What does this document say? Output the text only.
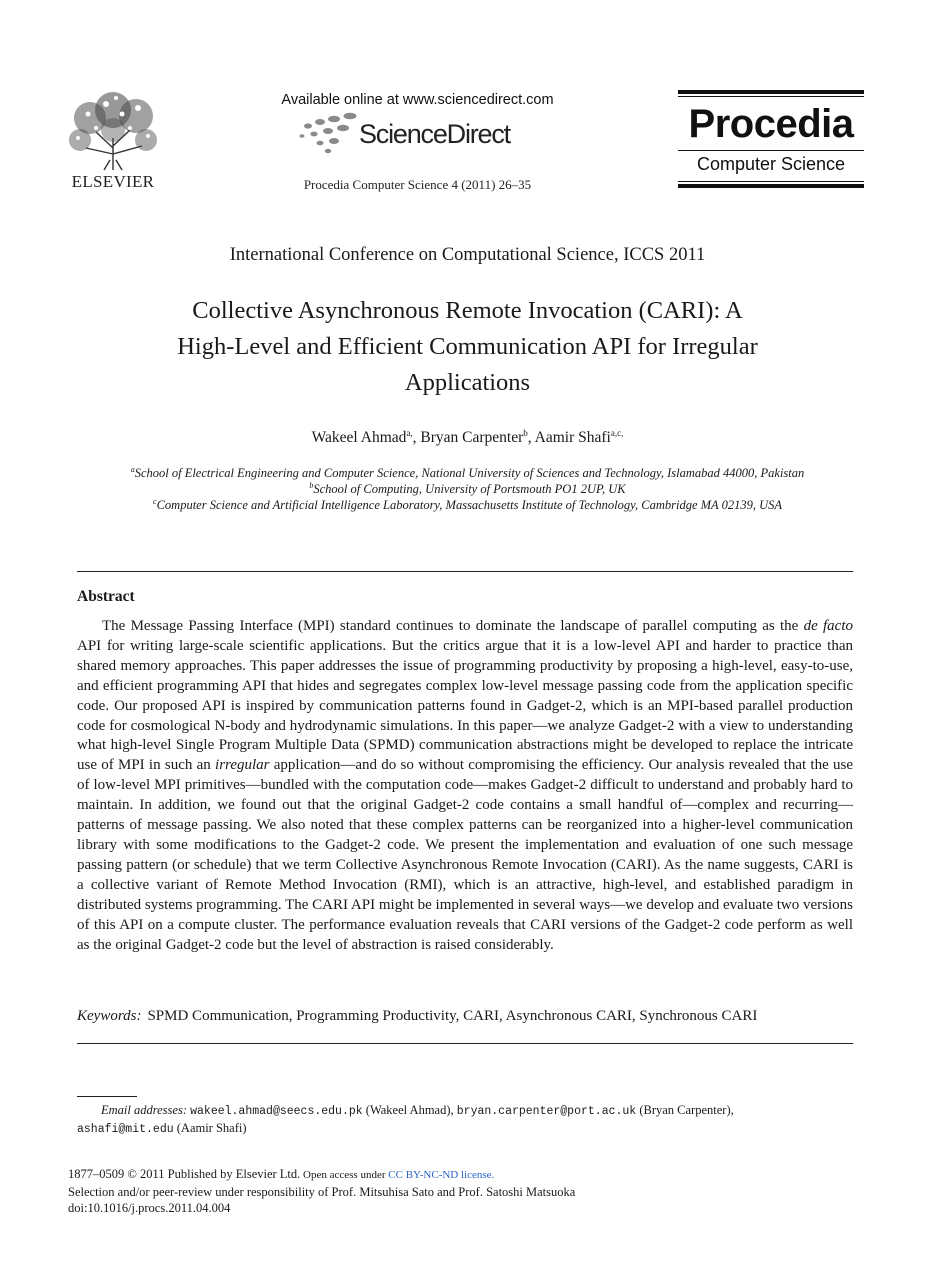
ELSEVIER
Available online at www.sciencedirect.com
ScienceDirect
Procedia Computer Science 4 (2011) 26–35
Procedia
Computer Science
International Conference on Computational Science, ICCS 2011
Collective Asynchronous Remote Invocation (CARI): A
High-Level and Efficient Communication API for Irregular
Applications
Wakeel Ahmad$^{a,}$, Bryan Carpenter$^b$, Aamir Shafi$^{a,c,}$
$^a$School of Electrical Engineering and Computer Science, National University of Sciences and Technology, Islamabad 44000, Pakistan
$^b$School of Computing, University of Portsmouth PO1 2UP, UK
$^c$Computer Science and Artificial Intelligence Laboratory, Massachusetts Institute of Technology, Cambridge MA 02139, USA
Abstract
The Message Passing Interface (MPI) standard continues to dominate the landscape of parallel computing as the de facto API for writing large-scale scientific applications. But the critics argue that it is a low-level API and harder to practice than shared memory approaches. This paper addresses the issue of programming productivity by proposing a high-level, easy-to-use, and efficient programming API that hides and segregates complex low-level message passing code from the application specific code. Our proposed API is inspired by communication patterns found in Gadget-2, which is an MPI-based parallel production code for cosmological N-body and hydrodynamic simulations. In this paper—we analyze Gadget-2 with a view to understanding what high-level Single Program Multiple Data (SPMD) communication abstractions might be developed to replace the intricate use of MPI in such an irregular application—and do so without compromising the efficiency. Our analysis revealed that the use of low-level MPI primitives—bundled with the computation code—makes Gadget-2 difficult to understand and probably hard to maintain. In addition, we found out that the original Gadget-2 code contains a small handful of—complex and recurring—patterns of message passing. We also noted that these complex patterns can be reorganized into a higher-level communication library with some modifications to the Gadget-2 code. We present the implementation and evaluation of one such message passing pattern (or schedule) that we term Collective Asynchronous Remote Invocation (CARI). As the name suggests, CARI is a collective variant of Remote Method Invocation (RMI), which is an attractive, high-level, and established paradigm in distributed systems programming. The CARI API might be implemented in several ways—we develop and evaluate two versions of this API on a compute cluster. The performance evaluation reveals that CARI versions of the Gadget-2 code perform as well as the original Gadget-2 code but the level of abstraction is raised considerably.
Keywords: SPMD Communication, Programming Productivity, CARI, Asynchronous CARI, Synchronous CARI
Email addresses: wakeel.ahmad@seecs.edu.pk (Wakeel Ahmad), bryan.carpenter@port.ac.uk (Bryan Carpenter),
ashafi@mit.edu (Aamir Shafi)
1877–0509 © 2011 Published by Elsevier Ltd. Open access under CC BY-NC-ND license.
Selection and/or peer-review under responsibility of Prof. Mitsuhisa Sato and Prof. Satoshi Matsuoka
doi:10.1016/j.procs.2011.04.004
